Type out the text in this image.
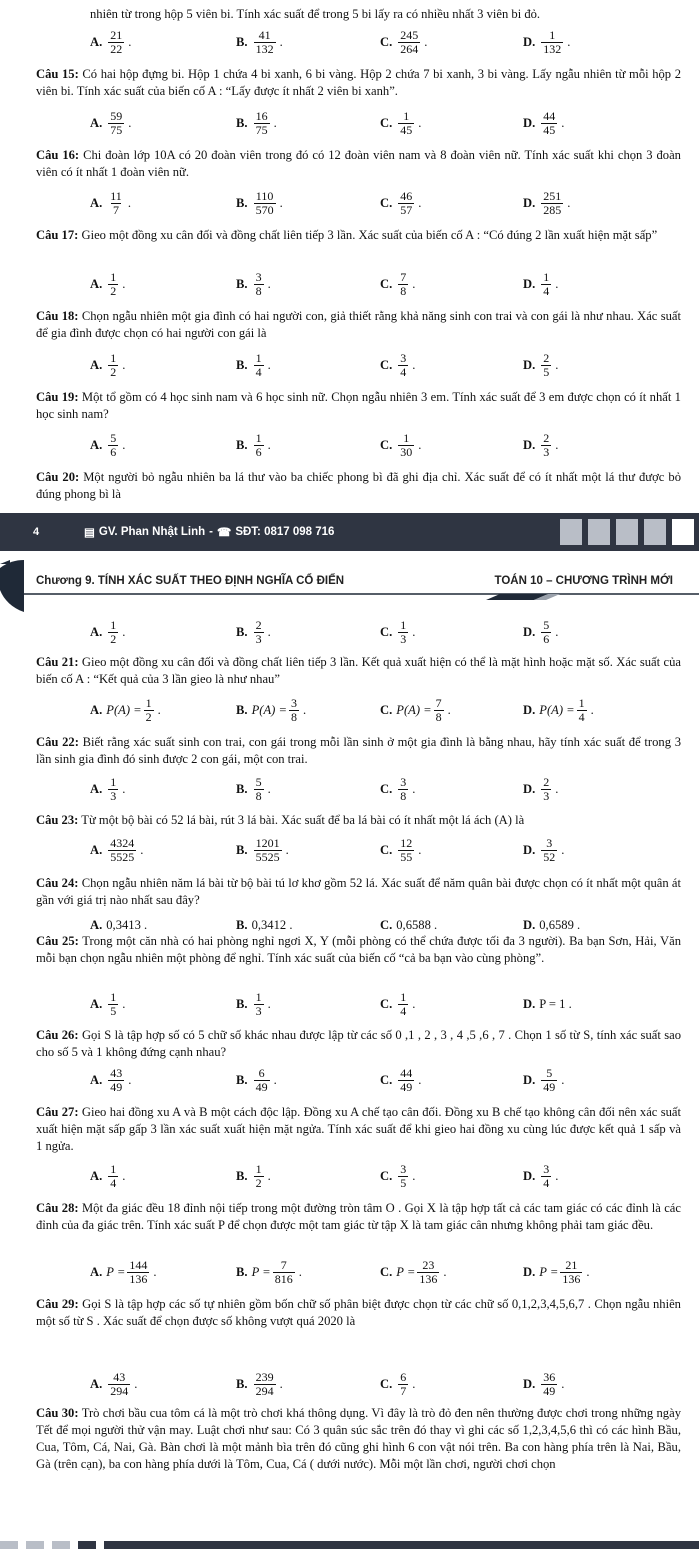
nhiên từ trong hộp 5 viên bi. Tính xác suất để trong 5 bi lấy ra có nhiều nhất 3 viên bi đỏ.
A. $\frac{21}{22}$ .	B. $\frac{41}{132}$ .	C. $\frac{245}{264}$ .	D. $\frac{1}{132}$ .
Câu 15: Có hai hộp đựng bi. Hộp 1 chứa 4 bi xanh, 6 bi vàng. Hộp 2 chứa 7 bi xanh, 3 bi vàng. Lấy ngẫu nhiên từ mỗi hộp 2 viên bi. Tính xác suất của biến cố A : “Lấy được ít nhất 2 viên bi xanh”.
A. $\frac{59}{75}$ .	B. $\frac{16}{75}$ .	C. $\frac{1}{45}$ .	D. $\frac{44}{45}$ .
Câu 16: Chi đoàn lớp 10A có 20 đoàn viên trong đó có 12 đoàn viên nam và 8 đoàn viên nữ. Tính xác suất khi chọn 3 đoàn viên có ít nhất 1 đoàn viên nữ.
A. $\frac{11}{7}$ .	B. $\frac{110}{570}$ .	C. $\frac{46}{57}$ .	D. $\frac{251}{285}$ .
Câu 17: Gieo một đồng xu cân đối và đồng chất liên tiếp 3 lần. Xác suất của biến cố A : “Có đúng 2 lần xuất hiện mặt sấp”
A. $\frac{1}{2}$ .	B. $\frac{3}{8}$ .	C. $\frac{7}{8}$ .	D. $\frac{1}{4}$ .
Câu 18: Chọn ngẫu nhiên một gia đình có hai người con, giả thiết rằng khả năng sinh con trai và con gái là như nhau. Xác suất để gia đình được chọn có hai người con gái là
A. $\frac{1}{2}$ .	B. $\frac{1}{4}$ .	C. $\frac{3}{4}$ .	D. $\frac{2}{5}$ .
Câu 19: Một tổ gồm có 4 học sinh nam và 6 học sinh nữ. Chọn ngẫu nhiên 3 em. Tính xác suất để 3 em được chọn có ít nhất 1 học sinh nam?
A. $\frac{5}{6}$ .	B. $\frac{1}{6}$ .	C. $\frac{1}{30}$ .	D. $\frac{2}{3}$ .
Câu 20: Một người bỏ ngẫu nhiên ba lá thư vào ba chiếc phong bì đã ghi địa chỉ. Xác suất để có ít nhất một lá thư được bỏ đúng phong bì là
4	▤ GV. Phan Nhật Linh - ☎ SĐT: 0817 098 716
Chương 9. TÍNH XÁC SUẤT THEO ĐỊNH NGHĨA CỔ ĐIỂN	TOÁN 10 – CHƯƠNG TRÌNH MỚI
A. $\frac{1}{2}$ .	B. $\frac{2}{3}$ .	C. $\frac{1}{3}$ .	D. $\frac{5}{6}$ .
Câu 21: Gieo một đồng xu cân đối và đồng chất liên tiếp 3 lần. Kết quả xuất hiện có thể là mặt hình hoặc mặt số. Xác suất của biến cố A : “Kết quả của 3 lần gieo là như nhau”
A. $P(A) = \frac{1}{2}$ .	B. $P(A) = \frac{3}{8}$ .	C. $P(A) = \frac{7}{8}$ .	D. $P(A) = \frac{1}{4}$ .
Câu 22: Biết rằng xác suất sinh con trai, con gái trong mỗi lần sinh ở một gia đình là bằng nhau, hãy tính xác suất để trong 3 lần sinh gia đình đó sinh được 2 con gái, một con trai.
A. $\frac{1}{3}$ .	B. $\frac{5}{8}$ .	C. $\frac{3}{8}$ .	D. $\frac{2}{3}$ .
Câu 23: Từ một bộ bài có 52 lá bài, rút 3 lá bài. Xác suất để ba lá bài có ít nhất một lá ách (A) là
A. $\frac{4324}{5525}$ .	B. $\frac{1201}{5525}$ .	C. $\frac{12}{55}$ .	D. $\frac{3}{52}$ .
Câu 24: Chọn ngẫu nhiên năm lá bài từ bộ bài tú lơ khơ gồm 52 lá. Xác suất để năm quân bài được chọn có ít nhất một quân át gần với giá trị nào nhất sau đây?
A. 0,3413 .	B. 0,3412 .	C. 0,6588 .	D. 0,6589 .
Câu 25: Trong một căn nhà có hai phòng nghỉ ngơi X, Y (mỗi phòng có thể chứa được tối đa 3 người). Ba bạn Sơn, Hải, Văn mỗi bạn chọn ngẫu nhiên một phòng để nghỉ. Tính xác suất của biến cố “cả ba bạn vào cùng phòng”.
A. $\frac{1}{5}$ .	B. $\frac{1}{3}$ .	C. $\frac{1}{4}$ .	D. P = 1 .
Câu 26: Gọi S là tập hợp số có 5 chữ số khác nhau được lập từ các số 0 ,1 , 2 , 3 , 4 ,5 ,6 , 7 . Chọn 1 số từ S, tính xác suất sao cho số 5 và 1 không đứng cạnh nhau?
A. $\frac{43}{49}$ .	B. $\frac{6}{49}$ .	C. $\frac{44}{49}$ .	D. $\frac{5}{49}$ .
Câu 27: Gieo hai đồng xu A và B một cách độc lập. Đồng xu A chế tạo cân đối. Đồng xu B chế tạo không cân đối nên xác suất xuất hiện mặt sấp gấp 3 lần xác suất xuất hiện mặt ngửa. Tính xác suất để khi gieo hai đồng xu cùng lúc được kết quả 1 sấp và 1 ngửa.
A. $\frac{1}{4}$ .	B. $\frac{1}{2}$ .	C. $\frac{3}{5}$ .	D. $\frac{3}{4}$ .
Câu 28: Một đa giác đều 18 đỉnh nội tiếp trong một đường tròn tâm O . Gọi X là tập hợp tất cả các tam giác có các đỉnh là các đỉnh của đa giác trên. Tính xác suất P để chọn được một tam giác từ tập X là tam giác cân nhưng không phải tam giác đều.
A. $P = \frac{144}{136}$ .	B. $P = \frac{7}{816}$ .	C. $P = \frac{23}{136}$ .	D. $P = \frac{21}{136}$ .
Câu 29: Gọi S là tập hợp các số tự nhiên gồm bốn chữ số phân biệt được chọn từ các chữ số 0,1,2,3,4,5,6,7 . Chọn ngẫu nhiên một số từ S . Xác suất để chọn được số không vượt quá 2020 là
A. $\frac{43}{294}$ .	B. $\frac{239}{294}$ .	C. $\frac{6}{7}$ .	D. $\frac{36}{49}$ .
Câu 30: Trò chơi bầu cua tôm cá là một trò chơi khá thông dụng. Vì đây là trò đỏ đen nên thường được chơi trong những ngày Tết để mọi người thử vận may. Luật chơi như sau: Có 3 quân súc sắc trên đó thay vì ghi các số 1,2,3,4,5,6 thì có các hình Bầu, Cua, Tôm, Cá, Nai, Gà. Bàn chơi là một mảnh bìa trên đó cũng ghi hình 6 con vật nói trên. Ba con hàng phía trên là Nai, Bầu, Gà (trên cạn), ba con hàng phía dưới là Tôm, Cua, Cá ( dưới nước). Mỗi một lần chơi, người chơi chọn
